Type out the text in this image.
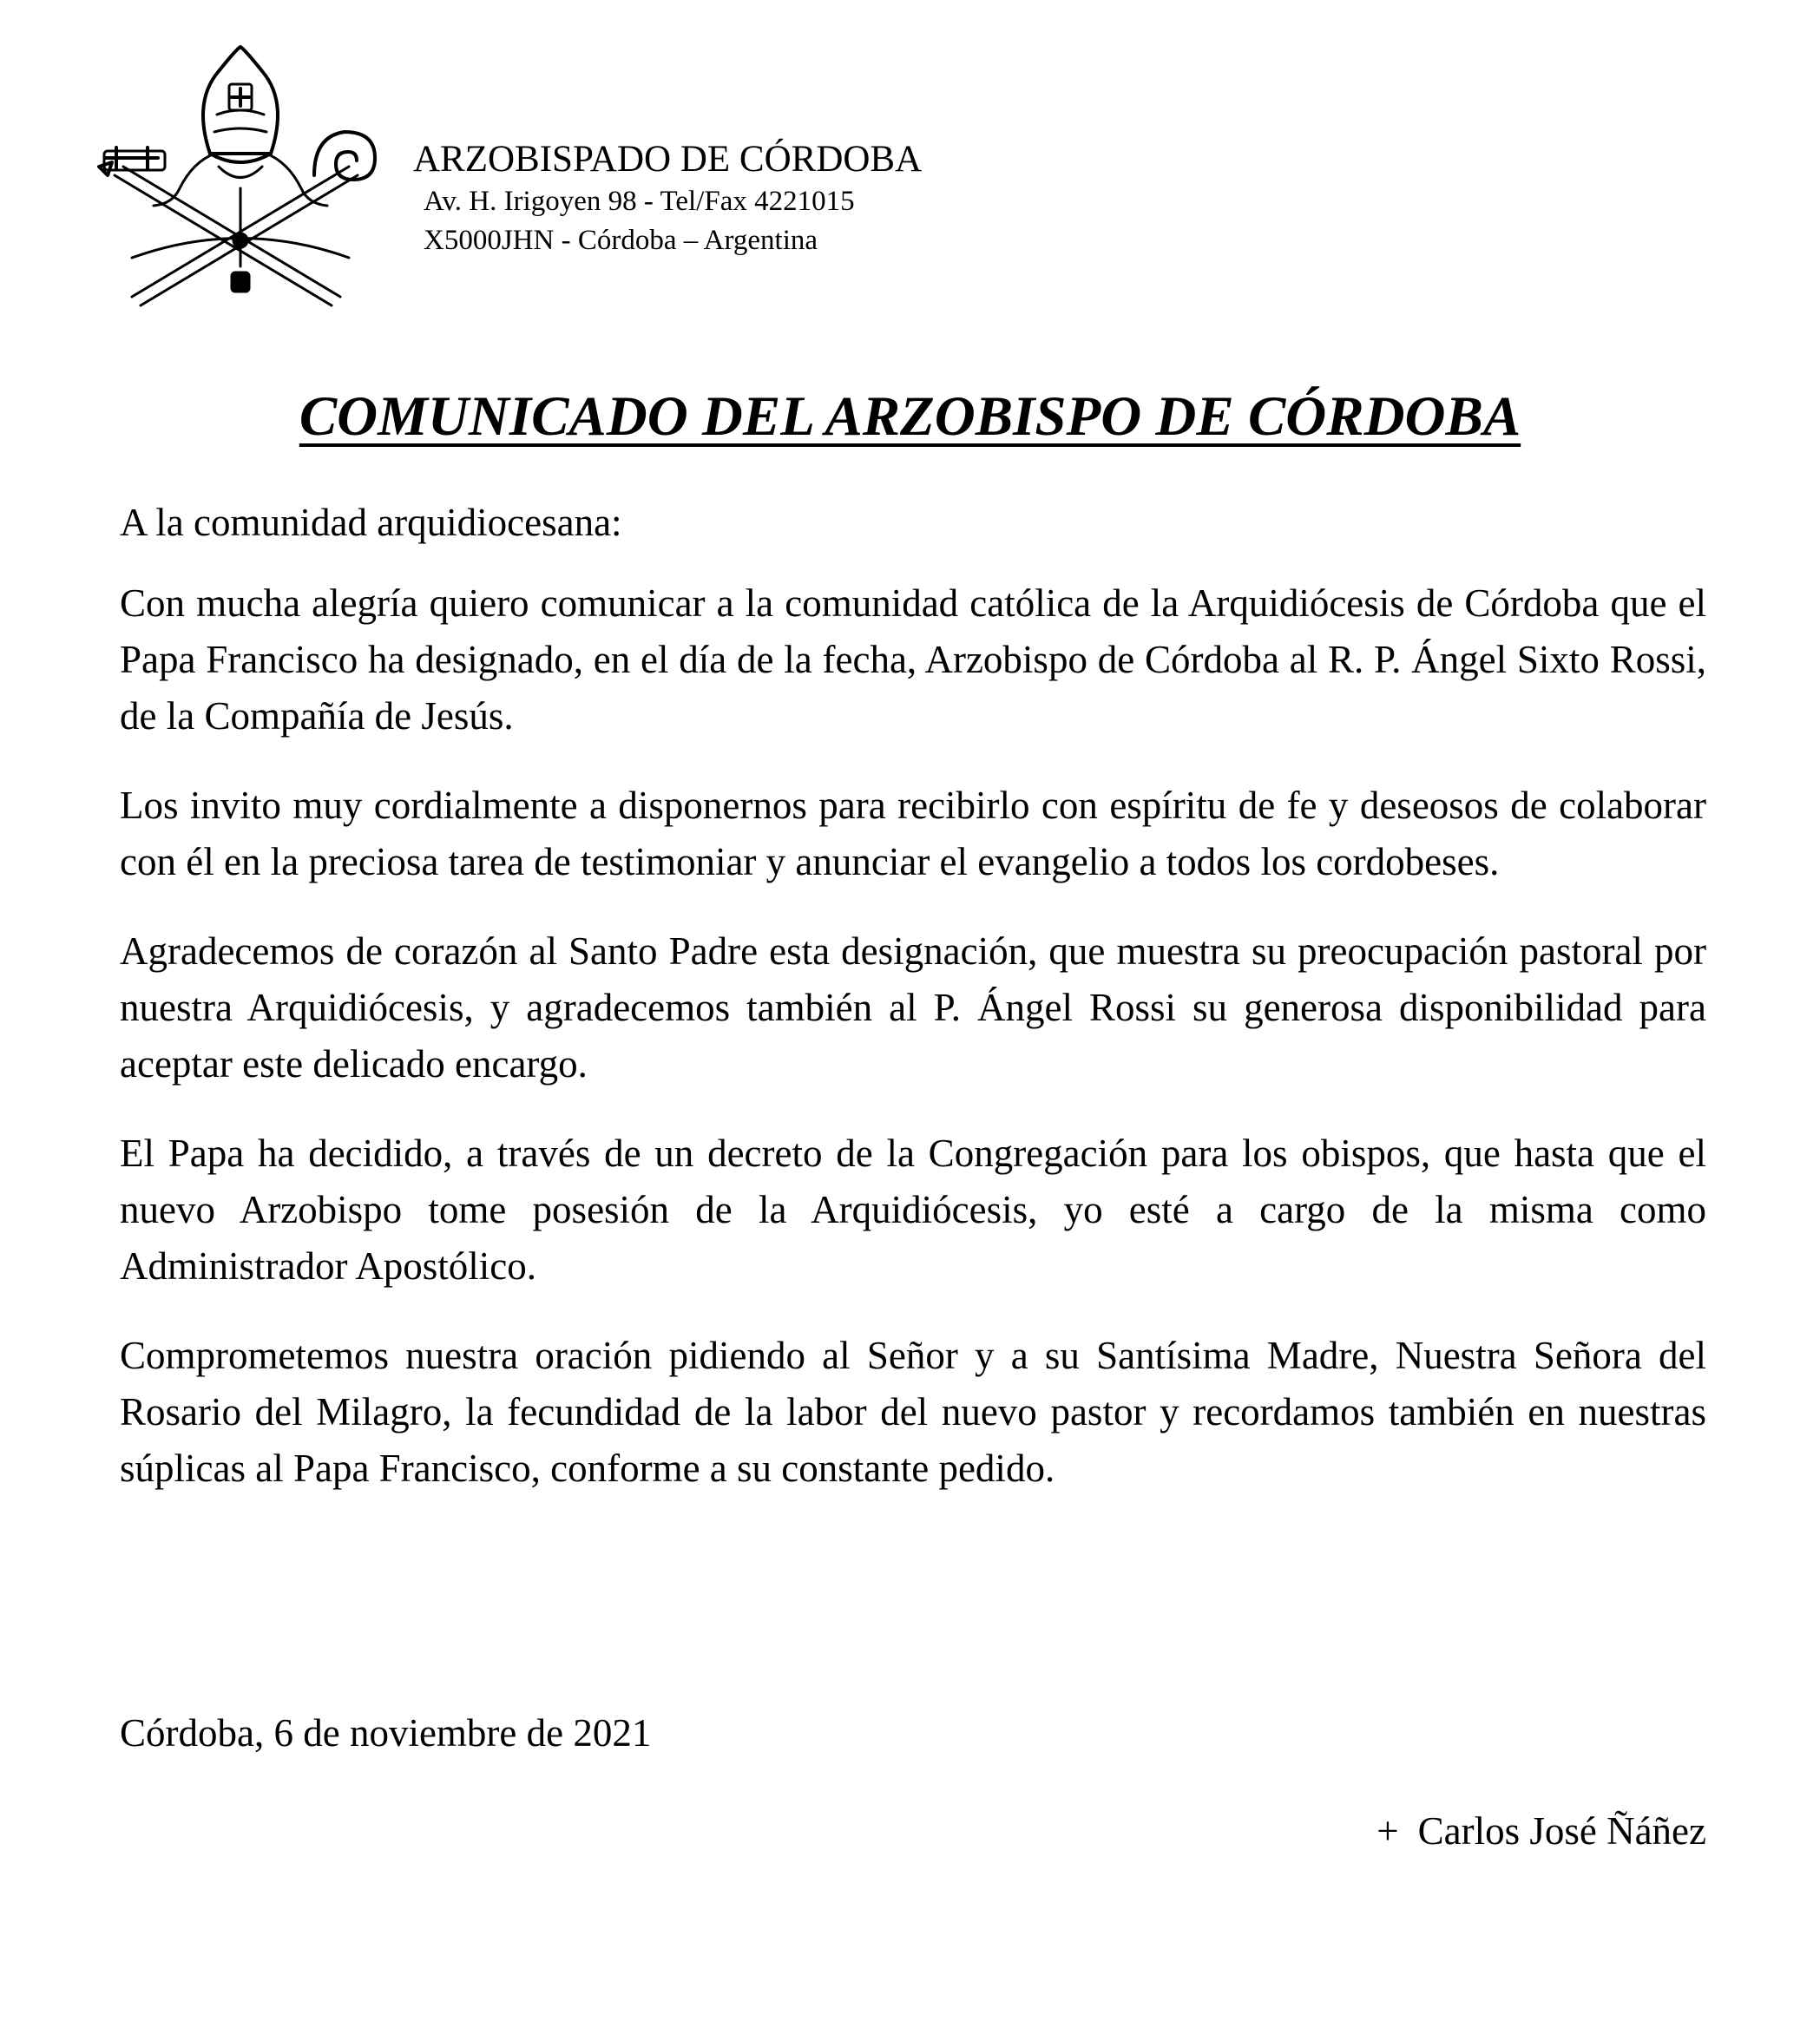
ARZOBISPADO DE CÓRDOBA
Av. H. Irigoyen 98 - Tel/Fax 4221015
X5000JHN - Córdoba – Argentina
COMUNICADO DEL ARZOBISPO DE CÓRDOBA

A la comunidad arquidiocesana:

Con mucha alegría quiero comunicar a la comunidad católica de la Arquidiócesis de Córdoba que el Papa Francisco ha designado, en el día de la fecha, Arzobispo de Córdoba al R. P. Ángel Sixto Rossi, de la Compañía de Jesús.

Los invito muy cordialmente a disponernos para recibirlo con espíritu de fe y deseosos de colaborar con él en la preciosa tarea de testimoniar y anunciar el evangelio a todos los cordobeses.

Agradecemos de corazón al Santo Padre esta designación, que muestra su preocupación pastoral por nuestra Arquidiócesis, y agradecemos también al P. Ángel Rossi su generosa disponibilidad para aceptar este delicado encargo.

El Papa ha decidido, a través de un decreto de la Congregación para los obispos, que hasta que el nuevo Arzobispo tome posesión de la Arquidiócesis, yo esté a cargo de la misma como Administrador Apostólico.

Comprometemos nuestra oración pidiendo al Señor y a su Santísima Madre, Nuestra Señora del Rosario del Milagro, la fecundidad de la labor del nuevo pastor y recordamos también en nuestras súplicas al Papa Francisco, conforme a su constante pedido.

Córdoba, 6 de noviembre de 2021
+ Carlos José Ñáñez
